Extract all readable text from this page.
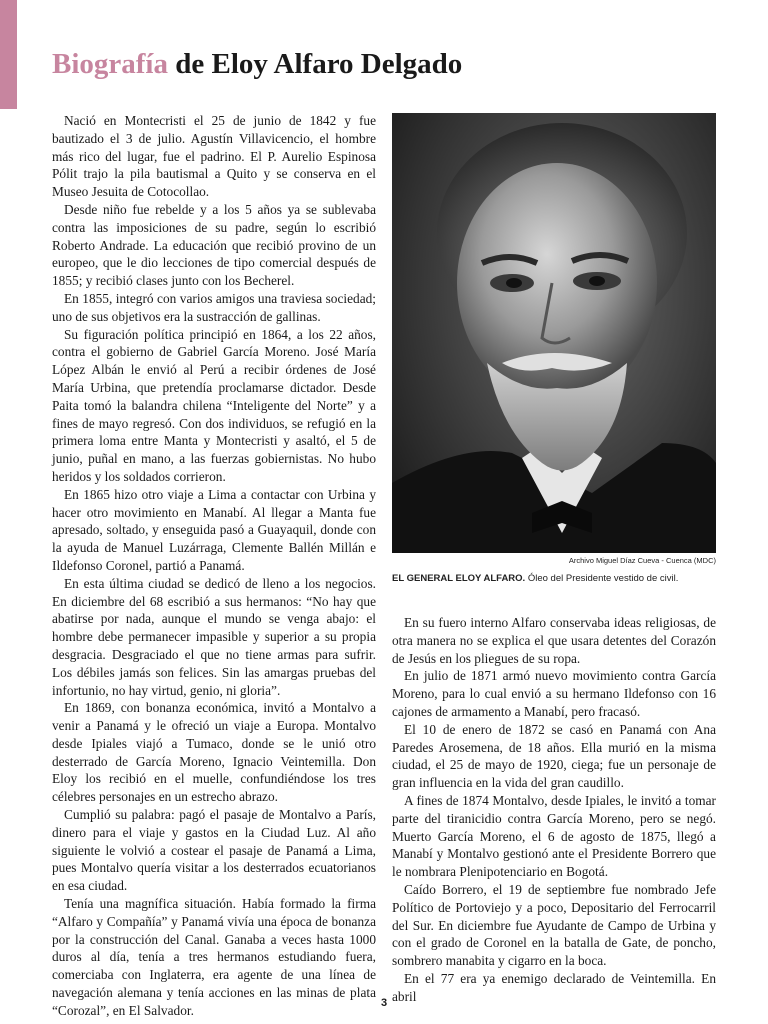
Biografía de Eloy Alfaro Delgado

Nació en Montecristi el 25 de junio de 1842 y fue bautizado el 3 de julio. Agustín Villavicencio, el hombre más rico del lugar, fue el padrino. El P. Aurelio Espinosa Pólit trajo la pila bautismal a Quito y se conserva en el Museo Jesuita de Cotocollao.

Desde niño fue rebelde y a los 5 años ya se sublevaba contra las imposiciones de su padre, según lo escribió Roberto Andrade. La educación que recibió provino de un europeo, que le dio lecciones de tipo comercial después de 1855; y recibió clases junto con los Becherel.

En 1855, integró con varios amigos una traviesa sociedad; uno de sus objetivos era la sustracción de gallinas.

Su figuración política principió en 1864, a los 22 años, contra el gobierno de Gabriel García Moreno. José María López Albán le envió al Perú a recibir órdenes de José María Urbina, que pretendía proclamarse dictador. Desde Paita tomó la balandra chilena “Inteligente del Norte” y a fines de mayo regresó. Con dos individuos, se refugió en la primera loma entre Manta y Montecristi y asaltó, el 5 de junio, puñal en mano, a las fuerzas gobiernistas. No hubo heridos y los soldados corrieron.

En 1865 hizo otro viaje a Lima a contactar con Urbina y hacer otro movimiento en Manabí. Al llegar a Manta fue apresado, soltado, y enseguida pasó a Guayaquil, donde con la ayuda de Manuel Luzárraga, Clemente Ballén Millán e Ildefonso Coronel, partió a Panamá.

En esta última ciudad se dedicó de lleno a los negocios. En diciembre del 68 escribió a sus hermanos: “No hay que abatirse por nada, aunque el mundo se venga abajo: el hombre debe permanecer impasible y superior a su propia desgracia. Desgraciado el que no tiene armas para sufrir. Los débiles jamás son felices. Sin las amargas pruebas del infortunio, no hay virtud, genio, ni gloria”.

En 1869, con bonanza económica, invitó a Montalvo a venir a Panamá y le ofreció un viaje a Europa. Montalvo desde Ipiales viajó a Tumaco, donde se le unió otro desterrado de García Moreno, Ignacio Veintemilla. Don Eloy los recibió en el muelle, confundiéndose los tres célebres personajes en un estrecho abrazo.

Cumplió su palabra: pagó el pasaje de Montalvo a París, dinero para el viaje y gastos en la Ciudad Luz. Al año siguiente le volvió a costear el pasaje de Panamá a Lima, pues Montalvo quería visitar a los desterrados ecuatorianos en esa ciudad.

Tenía una magnífica situación. Había formado la firma “Alfaro y Compañía” y Panamá vivía una época de bonanza por la construcción del Canal. Ganaba a veces hasta 1000 duros al día, tenía a tres hermanos estudiando fuera, comerciaba con Inglaterra, era agente de una línea de navegación alemana y tenía acciones en las minas de plata “Corozal”, en El Salvador.

Archivo Miguel Díaz Cueva - Cuenca (MDC)
EL GENERAL ELOY ALFARO. Óleo del Presidente vestido de civil.

En su fuero interno Alfaro conservaba ideas religiosas, de otra manera no se explica el que usara detentes del Corazón de Jesús en los pliegues de su ropa.

En julio de 1871 armó nuevo movimiento contra García Moreno, para lo cual envió a su hermano Ildefonso con 16 cajones de armamento a Manabí, pero fracasó.

El 10 de enero de 1872 se casó en Panamá con Ana Paredes Arosemena, de 18 años. Ella murió en la misma ciudad, el 25 de mayo de 1920, ciega; fue un personaje de gran influencia en la vida del gran caudillo.

A fines de 1874 Montalvo, desde Ipiales, le invitó a tomar parte del tiranicidio contra García Moreno, pero se negó. Muerto García Moreno, el 6 de agosto de 1875, llegó a Manabí y Montalvo gestionó ante el Presidente Borrero que le nombrara Plenipotenciario en Bogotá.

Caído Borrero, el 19 de septiembre fue nombrado Jefe Político de Portoviejo y a poco, Depositario del Ferrocarril del Sur. En diciembre fue Ayudante de Campo de Urbina y con el grado de Coronel en la batalla de Gate, de poncho, sombrero manabita y cigarro en la boca.

En el 77 era ya enemigo declarado de Veintemilla. En abril

3
